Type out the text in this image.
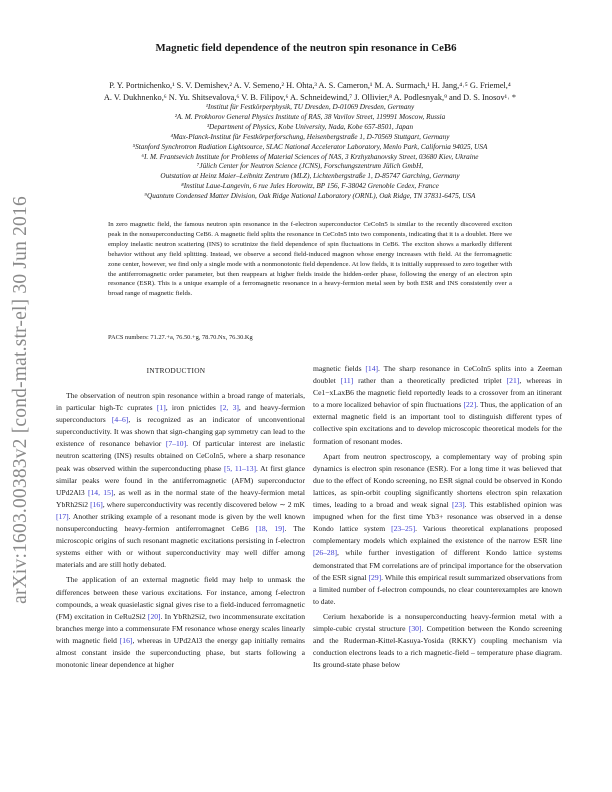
arXiv:1603.00383v2 [cond-mat.str-el] 30 Jun 2016
Magnetic field dependence of the neutron spin resonance in CeB6
P. Y. Portnichenko,¹ S. V. Demishev,² A. V. Semeno,² H. Ohta,³ A. S. Cameron,¹ M. A. Surmach,¹ H. Jang,⁴˒⁵ G. Friemel,⁴
A. V. Dukhnenko,⁶ N. Yu. Shitsevalova,⁶ V. B. Filipov,⁶ A. Schneidewind,⁷ J. Ollivier,⁸ A. Podlesnyak,⁹ and D. S. Inosov¹˒ *
¹Institut für Festkörperphysik, TU Dresden, D-01069 Dresden, Germany
²A. M. Prokhorov General Physics Institute of RAS, 38 Vavilov Street, 119991 Moscow, Russia
³Department of Physics, Kobe University, Nada, Kobe 657-8501, Japan
⁴Max-Planck-Institut für Festkörperforschung, Heisenbergstraße 1, D-70569 Stuttgart, Germany
⁵Stanford Synchrotron Radiation Lightsource, SLAC National Accelerator Laboratory, Menlo Park, California 94025, USA
⁶I. M. Frantsevich Institute for Problems of Material Sciences of NAS, 3 Krzhyzhanovsky Street, 03680 Kiev, Ukraine
⁷Jülich Center for Neutron Science (JCNS), Forschungszentrum Jülich GmbH,
Outstation at Heinz Maier–Leibnitz Zentrum (MLZ), Lichtenbergstraße 1, D-85747 Garching, Germany
⁸Institut Laue-Langevin, 6 rue Jules Horowitz, BP 156, F-38042 Grenoble Cedex, France
⁹Quantum Condensed Matter Division, Oak Ridge National Laboratory (ORNL), Oak Ridge, TN 37831-6475, USA
In zero magnetic field, the famous neutron spin resonance in the f-electron superconductor CeCoIn5 is similar to the recently discovered exciton peak in the nonsuperconducting CeB6. A magnetic field splits the resonance in CeCoIn5 into two components, indicating that it is a doublet. Here we employ inelastic neutron scattering (INS) to scrutinize the field dependence of spin fluctuations in CeB6. The exciton shows a markedly different behavior without any field splitting. Instead, we observe a second field-induced magnon whose energy increases with field. At the ferromagnetic zone center, however, we find only a single mode with a nonmonotonic field dependence. At low fields, it is initially suppressed to zero together with the antiferromagnetic order parameter, but then reappears at higher fields inside the hidden-order phase, following the energy of an electron spin resonance (ESR). This is a unique example of a ferromagnetic resonance in a heavy-fermion metal seen by both ESR and INS consistently over a broad range of magnetic fields.
PACS numbers: 71.27.+a, 76.50.+g, 78.70.Nx, 76.30.Kg
INTRODUCTION

The observation of neutron spin resonance within a broad range of materials, in particular high-Tc cuprates [1], iron pnictides [2, 3], and heavy-fermion superconductors [4–6], is recognized as an indicator of unconventional superconductivity. It was shown that sign-changing gap symmetry can lead to the existence of resonance behavior [7–10]. Of particular interest are inelastic neutron scattering (INS) results obtained on CeCoIn5, where a sharp resonance peak was observed within the superconducting phase [5, 11–13]. At first glance similar peaks were found in the antiferromagnetic (AFM) superconductor UPd2Al3 [14, 15], as well as in the normal state of the heavy-fermion metal YbRh2Si2 [16], where superconductivity was recently discovered below ∼ 2 mK [17]. Another striking example of a resonant mode is given by the well known nonsuperconducting heavy-fermion antiferromagnet CeB6 [18, 19]. The microscopic origins of such resonant magnetic excitations persisting in f-electron systems either with or without superconductivity may well differ among materials and are still hotly debated.

The application of an external magnetic field may help to unmask the differences between these various excitations. For instance, among f-electron compounds, a weak quasielastic signal gives rise to a field-induced ferromagnetic (FM) excitation in CeRu2Si2 [20]. In YbRh2Si2, two incommensurate excitation branches merge into a commensurate FM resonance whose energy scales linearly with magnetic field [16], whereas in UPd2Al3 the energy gap initially remains almost constant inside the superconducting phase, but starts following a monotonic linear dependence at higher

magnetic fields [14]. The sharp resonance in CeCoIn5 splits into a Zeeman doublet [11] rather than a theoretically predicted triplet [21], whereas in Ce1−xLaxB6 the magnetic field reportedly leads to a crossover from an itinerant to a more localized behavior of spin fluctuations [22]. Thus, the application of an external magnetic field is an important tool to distinguish different types of collective spin excitations and to develop microscopic theoretical models for the formation of resonant modes.

Apart from neutron spectroscopy, a complementary way of probing spin dynamics is electron spin resonance (ESR). For a long time it was believed that due to the effect of Kondo screening, no ESR signal could be observed in Kondo lattices, as spin-orbit coupling significantly shortens electron spin relaxation times, leading to a broad and weak signal [23]. This established opinion was impugned when for the first time Yb3+ resonance was observed in a dense Kondo lattice system [23–25]. Various theoretical explanations proposed complementary models which explained the existence of the narrow ESR line [26–28], while further investigation of different Kondo lattice systems demonstrated that FM correlations are of principal importance for the observation of the ESR signal [29]. While this empirical result summarized observations from a limited number of f-electron compounds, no clear counterexamples are known to date.

Cerium hexaboride is a nonsuperconducting heavy-fermion metal with a simple-cubic crystal structure [30]. Competition between the Kondo screening and the Ruderman-Kittel-Kasuya-Yosida (RKKY) coupling mechanism via conduction electrons leads to a rich magnetic-field – temperature phase diagram. Its ground-state phase below
